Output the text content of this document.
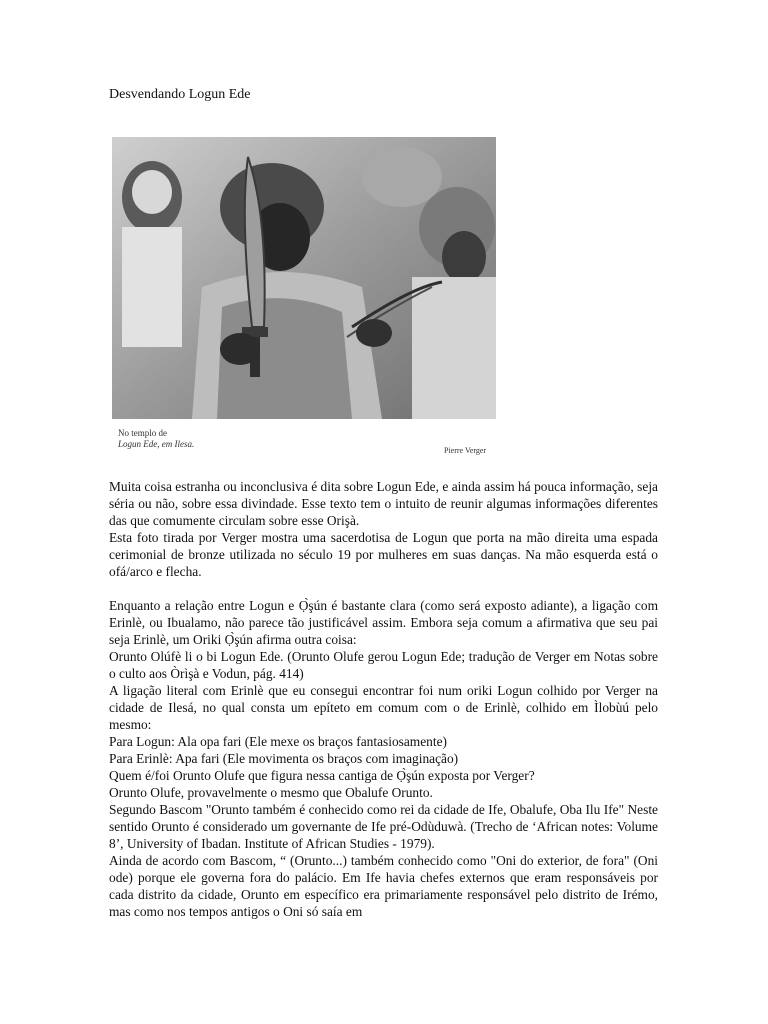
Desvendando Logun Ede
No templo de
Logun Ede, em Ilesa.
Pierre Verger

Muita coisa estranha ou inconclusiva é dita sobre Logun Ede, e ainda assim há pouca informação, seja séria ou não, sobre essa divindade. Esse texto tem o intuito de reunir algumas informações diferentes das que comumente circulam sobre esse Orişà.

Esta foto tirada por Verger mostra uma sacerdotisa de Logun que porta na mão direita uma espada cerimonial de bronze utilizada no século 19 por mulheres em suas danças. Na mão esquerda está o ofá/arco e flecha.

Enquanto a relação entre Logun e Ọ̀şún é bastante clara (como será exposto adiante), a ligação com Erinlè, ou Ibualamo, não parece tão justificável assim. Embora seja comum a afirmativa que seu pai seja Erinlè, um Oriki Ọ̀şún afirma outra coisa:

Orunto Olúfè li o bi Logun Ede. (Orunto Olufe gerou Logun Ede; tradução de Verger em Notas sobre o culto aos Òrìşà e Vodun, pág. 414)

A ligação literal com Erinlè que eu consegui encontrar foi num oriki Logun colhido por Verger na cidade de Ilesá, no qual consta um epíteto em comum com o de Erinlè, colhido em Ìlobùú pelo mesmo:

Para Logun: Ala opa fari (Ele mexe os braços fantasiosamente)

Para Erinlè: Apa fari (Ele movimenta os braços com imaginação)

Quem é/foi Orunto Olufe que figura nessa cantiga de Ọ̀şún exposta por Verger?

Orunto Olufe, provavelmente o mesmo que Obalufe Orunto.

Segundo Bascom "Orunto também é conhecido como rei da cidade de Ife, Obalufe, Oba Ilu Ife" Neste sentido Orunto é considerado um governante de Ife pré-Odùduwà. (Trecho de ‘African notes: Volume 8’, University of Ibadan. Institute of African Studies - 1979).

Ainda de acordo com Bascom, “ (Orunto...) também conhecido como "Oni do exterior, de fora" (Oni ode) porque ele governa fora do palácio. Em Ife havia chefes externos que eram responsáveis por cada distrito da cidade, Orunto em específico era primariamente responsável pelo distrito de Irémo, mas como nos tempos antigos o Oni só saía em
